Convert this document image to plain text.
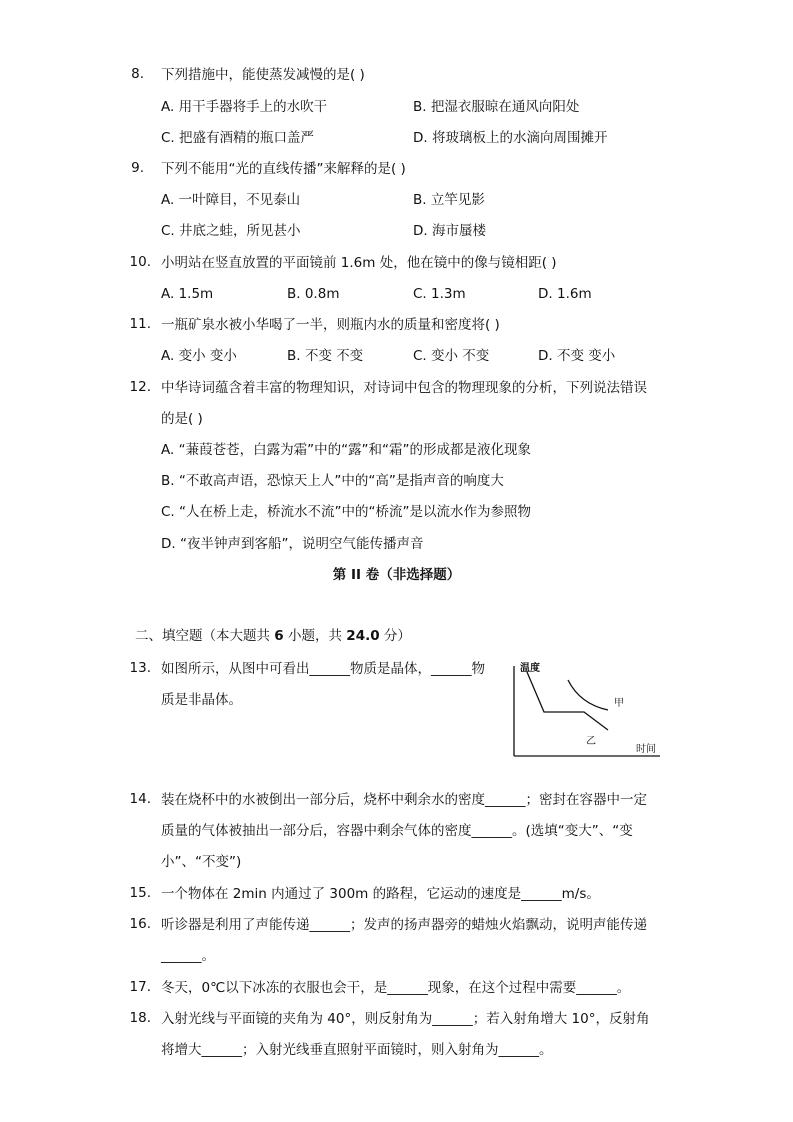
8. 下列措施中，能使蒸发减慢的是( )
A. 用干手器将手上的水吹干	B. 把湿衣服晾在通风向阳处
C. 把盛有酒精的瓶口盖严	D. 将玻璃板上的水滴向周围摊开
9. 下列不能用“光的直线传播”来解释的是( )
A. 一叶障目，不见泰山	B. 立竿见影
C. 井底之蛙，所见甚小	D. 海市蜃楼
10. 小明站在竖直放置的平面镜前 1.6m 处，他在镜中的像与镜相距( )
A. 1.5m	B. 0.8m	C. 1.3m	D. 1.6m
11. 一瓶矿泉水被小华喝了一半，则瓶内水的质量和密度将( )
A. 变小 变小	B. 不变 不变	C. 变小 不变	D. 不变 变小
12. 中华诗词蕴含着丰富的物理知识，对诗词中包含的物理现象的分析，下列说法错误
的是( )
A. “蒹葭苍苍，白露为霜”中的“露”和“霜”的形成都是液化现象
B. “不敢高声语，恐惊天上人”中的“高”是指声音的响度大
C. “人在桥上走，桥流水不流”中的“桥流”是以流水作为参照物
D. “夜半钟声到客船”，说明空气能传播声音
第 II 卷（非选择题）
二、填空题（本大题共 6 小题，共 24.0 分）
13. 如图所示，从图中可看出______物质是晶体，______物
质是非晶体。
温度
时间
甲
乙
14. 装在烧杯中的水被倒出一部分后，烧杯中剩余水的密度______；密封在容器中一定
质量的气体被抽出一部分后，容器中剩余气体的密度______。(选填“变大”、“变
小”、“不变”)
15. 一个物体在 2min 内通过了 300m 的路程，它运动的速度是______m/s。
16. 听诊器是利用了声能传递______；发声的扬声器旁的蜡烛火焰飘动，说明声能传递
______。
17. 冬天，0℃以下冰冻的衣服也会干，是______现象，在这个过程中需要______。
18. 入射光线与平面镜的夹角为 40°，则反射角为______；若入射角增大 10°，反射角
将增大______；入射光线垂直照射平面镜时，则入射角为______。
